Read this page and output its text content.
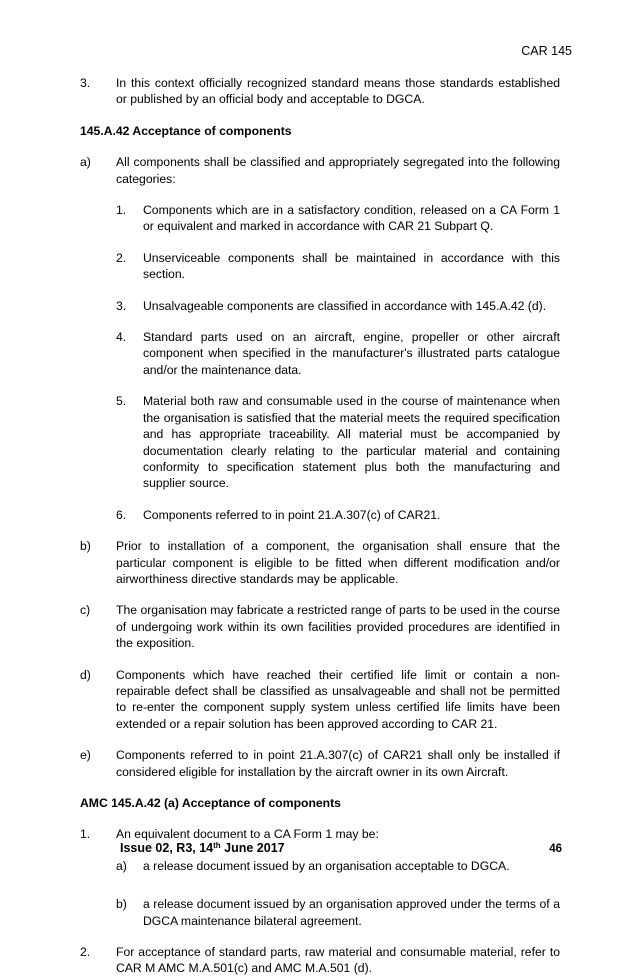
CAR 145
3.	In this context officially recognized standard means those standards established or published by an official body and acceptable to DGCA.
145.A.42 Acceptance of components
a)	All components shall be classified and appropriately segregated into the following categories:
1.	Components which are in a satisfactory condition, released on a CA Form 1 or equivalent and marked in accordance with CAR 21 Subpart Q.
2.	Unserviceable components shall be maintained in accordance with this section.
3.	Unsalvageable components are classified in accordance with 145.A.42 (d).
4.	Standard parts used on an aircraft, engine, propeller or other aircraft component when specified in the manufacturer's illustrated parts catalogue and/or the maintenance data.
5.	Material both raw and consumable used in the course of maintenance when the organisation is satisfied that the material meets the required specification and has appropriate traceability. All material must be accompanied by documentation clearly relating to the particular material and containing conformity to specification statement plus both the manufacturing and supplier source.
6.	Components referred to in point 21.A.307(c) of CAR21.
b)	Prior to installation of a component, the organisation shall ensure that the particular component is eligible to be fitted when different modification and/or airworthiness directive standards may be applicable.
c)	The organisation may fabricate a restricted range of parts to be used in the course of undergoing work within its own facilities provided procedures are identified in the exposition.
d)	Components which have reached their certified life limit or contain a non-repairable defect shall be classified as unsalvageable and shall not be permitted to re-enter the component supply system unless certified life limits have been extended or a repair solution has been approved according to CAR 21.
e)	Components referred to in point 21.A.307(c) of CAR21 shall only be installed if considered eligible for installation by the aircraft owner in its own Aircraft.
AMC 145.A.42 (a) Acceptance of components
1.	An equivalent document to a CA Form 1 may be:
a)	a release document issued by an organisation acceptable to DGCA.
b)	a release document issued by an organisation approved under the terms of a DGCA maintenance bilateral agreement.
2.	For acceptance of standard parts, raw material and consumable material, refer to CAR M AMC M.A.501(c) and AMC M.A.501 (d).
Issue 02, R3, 14th June 2017	46
